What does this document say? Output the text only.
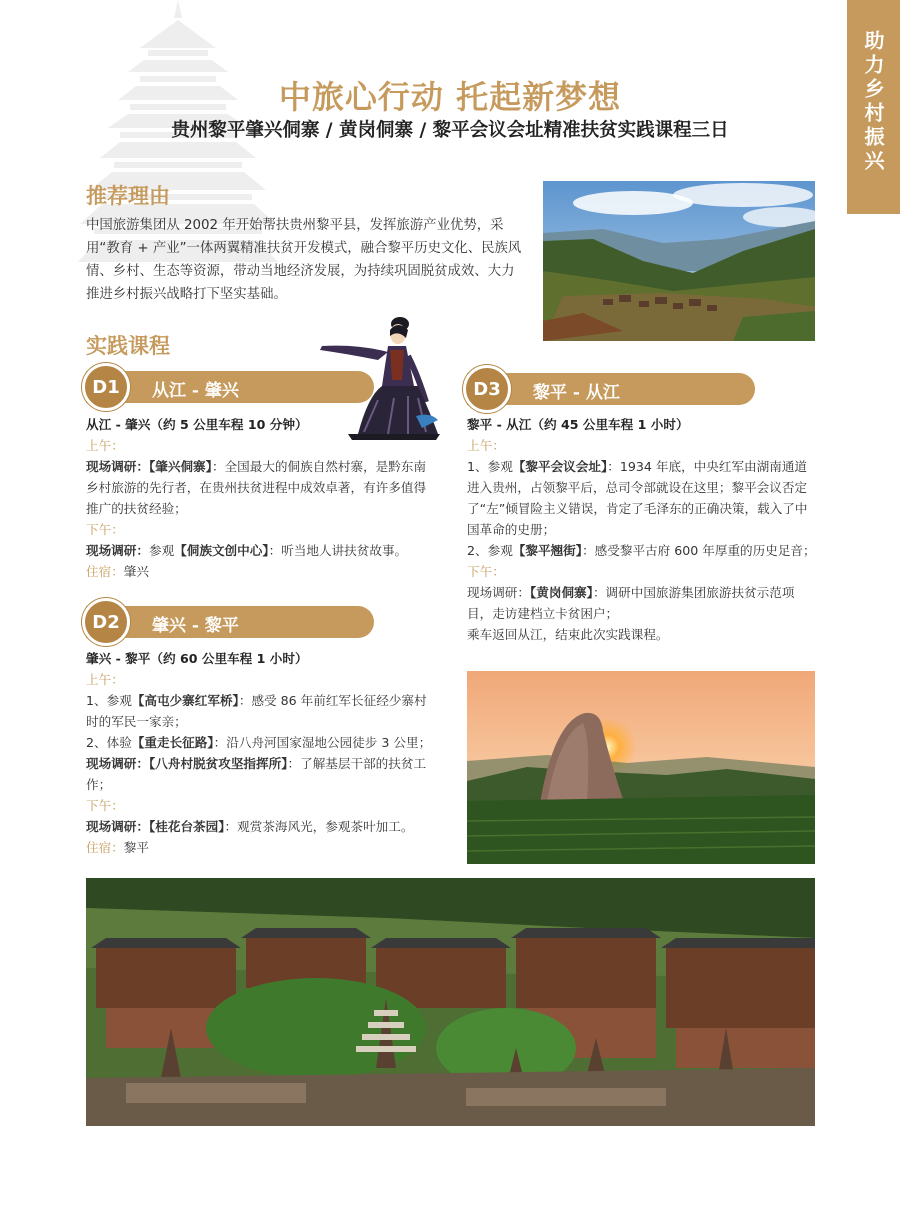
助力乡村振兴
中旅心行动 托起新梦想
贵州黎平肇兴侗寨 / 黄岗侗寨 / 黎平会议会址精准扶贫实践课程三日
推荐理由

中国旅游集团从 2002 年开始帮扶贵州黎平县，发挥旅游产业优势，采用“教育 + 产业”一体两翼精准扶贫开发模式，融合黎平历史文化、民族风情、乡村、生态等资源，带动当地经济发展，为持续巩固脱贫成效、大力推进乡村振兴战略打下坚实基础。

实践课程
D1	从江 - 肇兴
从江 - 肇兴（约 5 公里车程 10 分钟）
上午：
现场调研：【肇兴侗寨】：全国最大的侗族自然村寨，是黔东南乡村旅游的先行者，在贵州扶贫进程中成效卓著，有许多值得推广的扶贫经验；
下午：
现场调研：参观【侗族文创中心】：听当地人讲扶贫故事。
住宿：肇兴
D2	肇兴 - 黎平
肇兴 - 黎平（约 60 公里车程 1 小时）
上午：
1、参观【高屯少寨红军桥】：感受 86 年前红军长征经少寨村时的军民一家亲；
2、体验【重走长征路】：沿八舟河国家湿地公园徒步 3 公里；
现场调研：【八舟村脱贫攻坚指挥所】：了解基层干部的扶贫工作；
下午：
现场调研：【桂花台茶园】：观赏茶海风光，参观茶叶加工。
住宿：黎平
D3	黎平 - 从江
黎平 - 从江（约 45 公里车程 1 小时）
上午：
1、参观【黎平会议会址】：1934 年底，中央红军由湖南通道进入贵州，占领黎平后，总司令部就设在这里；黎平会议否定了“左”倾冒险主义错误，肯定了毛泽东的正确决策，载入了中国革命的史册；
2、参观【黎平翘街】：感受黎平古府 600 年厚重的历史足音；
下午：
现场调研：【黄岗侗寨】：调研中国旅游集团旅游扶贫示范项目，走访建档立卡贫困户；
乘车返回从江，结束此次实践课程。
